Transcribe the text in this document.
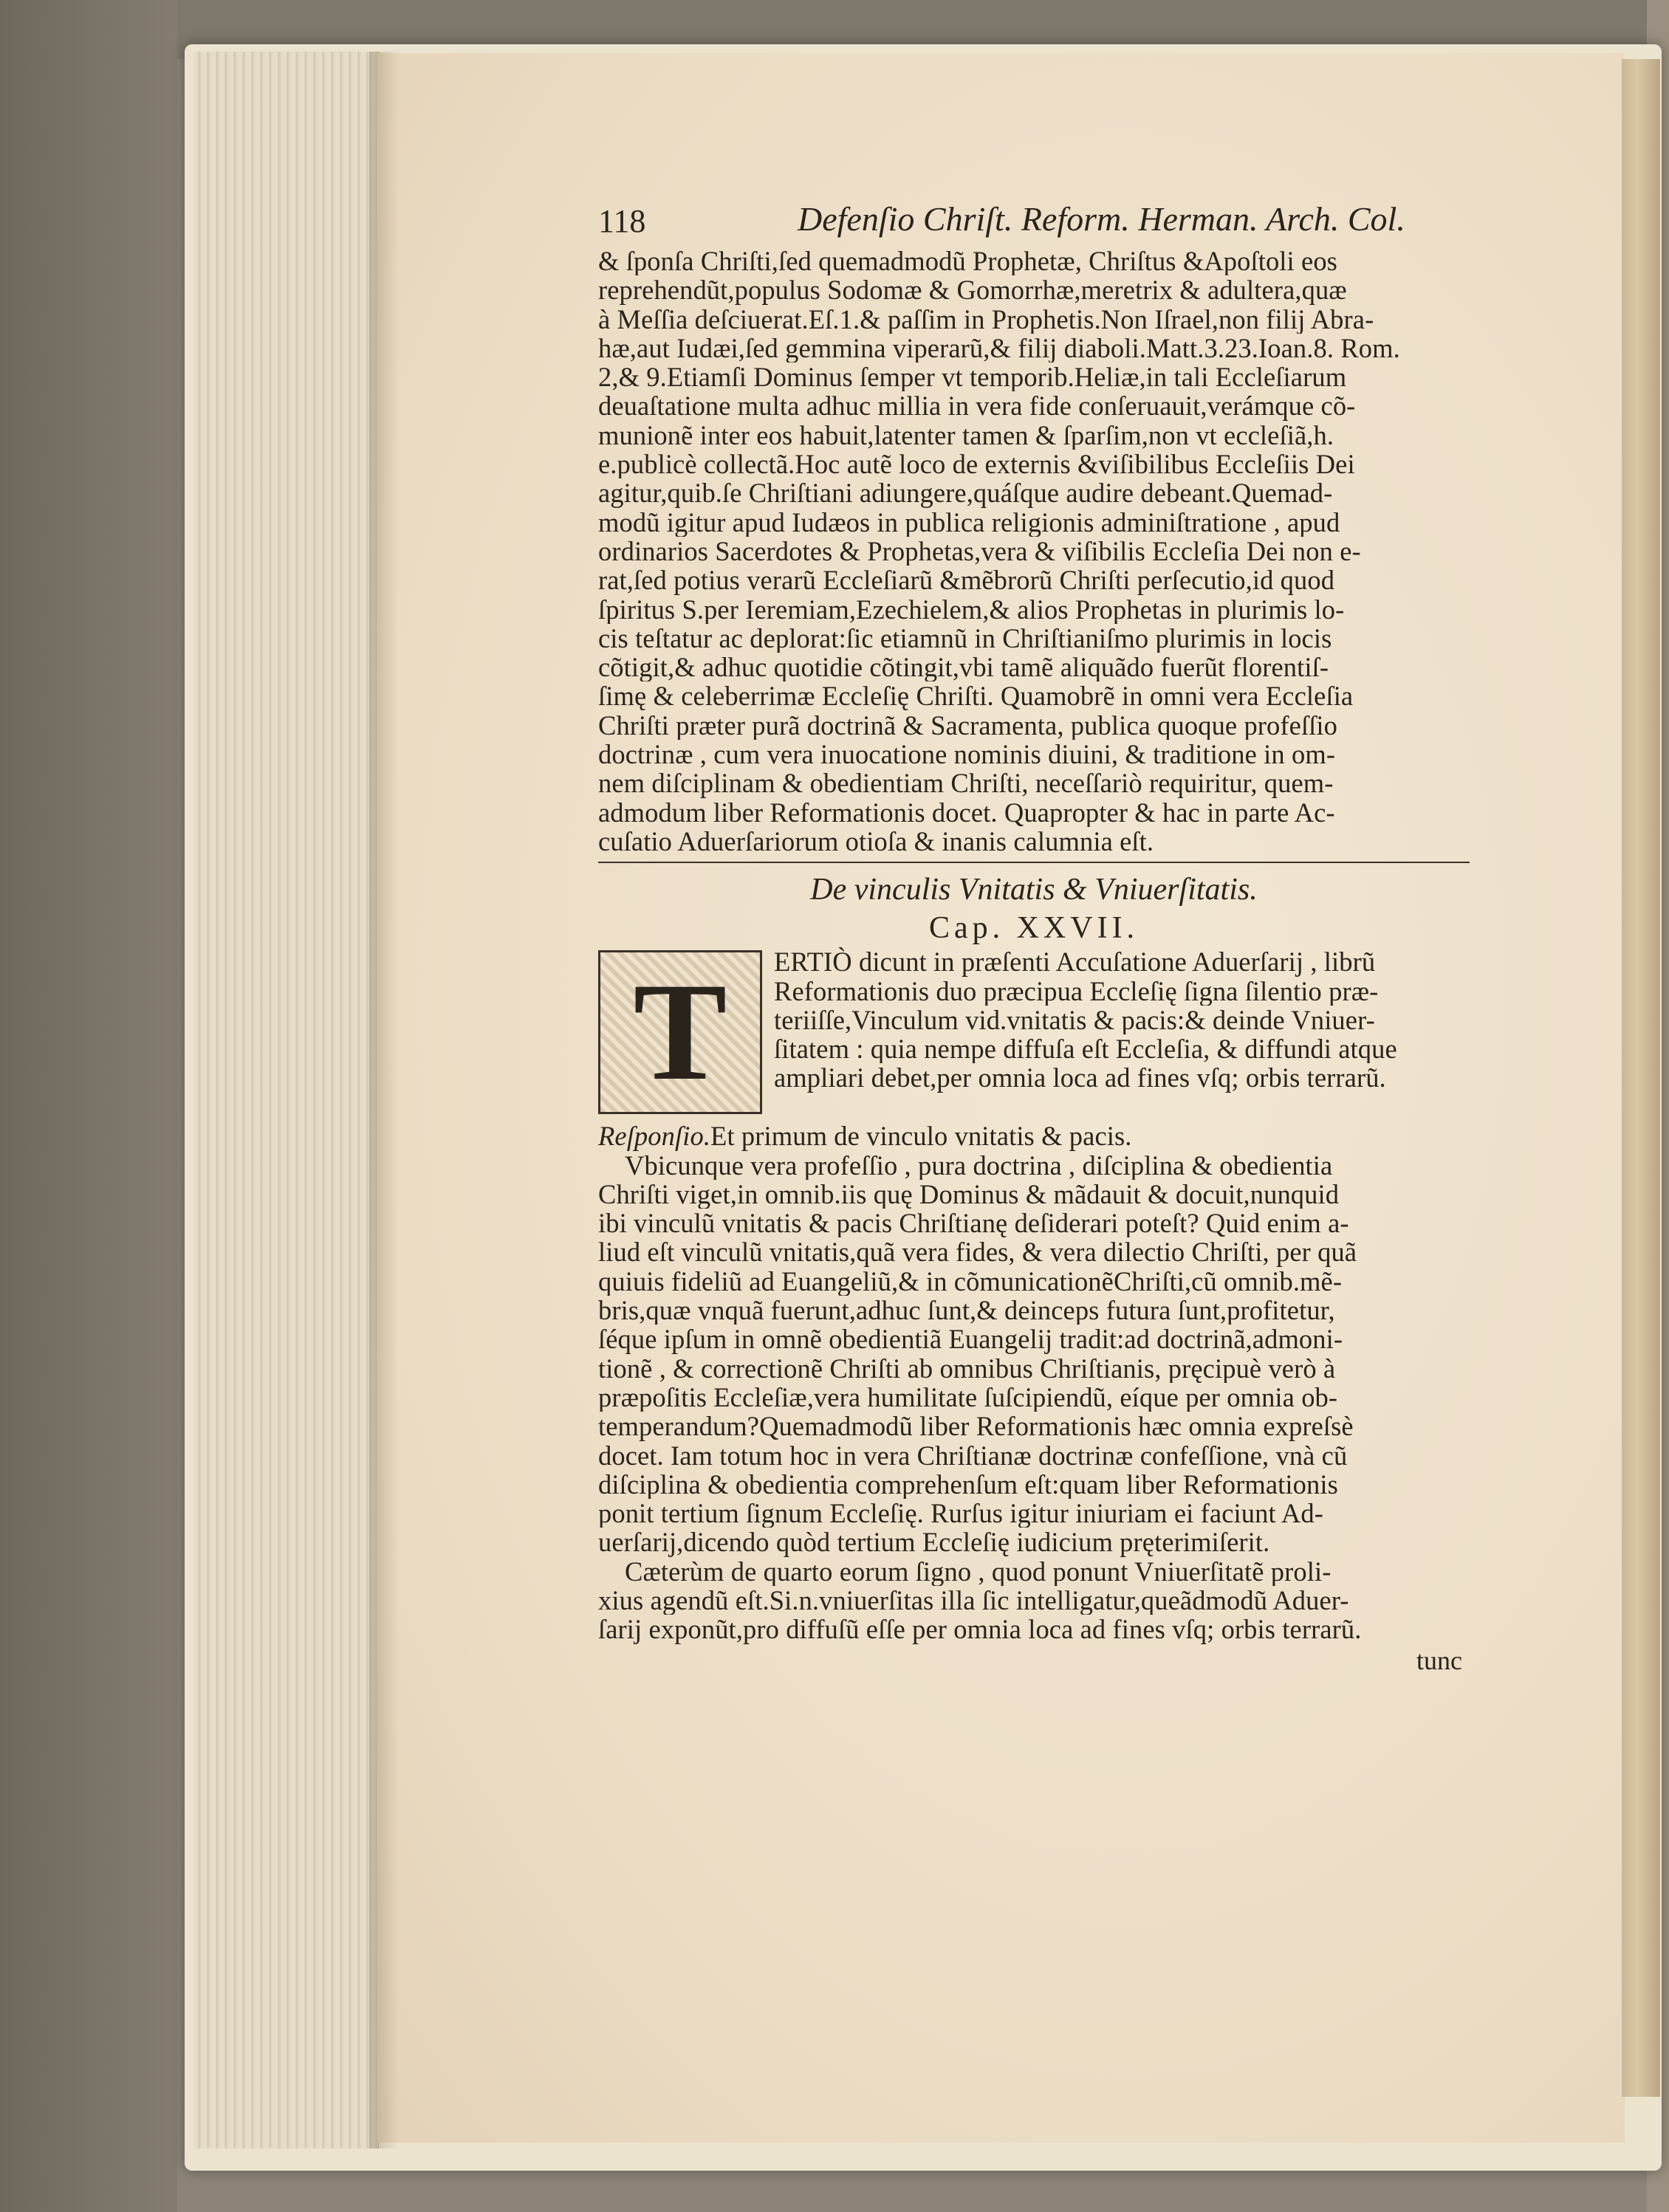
118	Defenſio Chriſt. Reform. Herman. Arch. Col.
& ſponſa Chriſti,ſed quemadmodũ Prophetæ, Chriſtus &Apoſtoli eos
reprehendũt,populus Sodomæ & Gomorrhæ,meretrix & adultera,quæ
à Meſſia deſciuerat.Eſ.1.& paſſim in Prophetis.Non Iſrael,non filij Abra-
hæ,aut Iudæi,ſed gemmina viperarũ,& filij diaboli.Matt.3.23.Ioan.8. Rom.
2,& 9.Etiamſi Dominus ſemper vt temporib.Heliæ,in tali Eccleſiarum
deuaſtatione multa adhuc millia in vera fide conſeruauit,verámque cõ-
munionẽ inter eos habuit,latenter tamen & ſparſim,non vt eccleſiã,h.
e.publicè collectã.Hoc autẽ loco de externis &viſibilibus Eccleſiis Dei
agitur,quib.ſe Chriſtiani adiungere,quáſque audire debeant.Quemad-
modũ igitur apud Iudæos in publica religionis adminiſtratione , apud
ordinarios Sacerdotes & Prophetas,vera & viſibilis Eccleſia Dei non e-
rat,ſed potius verarũ Eccleſiarũ &mẽbrorũ Chriſti perſecutio,id quod
ſpiritus S.per Ieremiam,Ezechielem,& alios Prophetas in plurimis lo-
cis teſtatur ac deplorat:ſic etiamnũ in Chriſtianiſmo plurimis in locis
cõtigit,& adhuc quotidie cõtingit,vbi tamẽ aliquãdo fuerũt florentiſ-
ſimę & celeberrimæ Eccleſię Chriſti. Quamobrẽ in omni vera Eccleſia
Chriſti præter purã doctrinã & Sacramenta, publica quoque profeſſio
doctrinæ , cum vera inuocatione nominis diuini, & traditione in om-
nem diſciplinam & obedientiam Chriſti, neceſſariò requiritur, quem-
admodum liber Reformationis docet. Quapropter & hac in parte Ac-
cuſatio Aduerſariorum otioſa & inanis calumnia eſt.
De vinculis Vnitatis & Vniuerſitatis.
Cap. XXVII.
T	ERTIÒ dicunt in præſenti Accuſatione Aduerſarij , librũ
Reformationis duo præcipua Eccleſię ſigna ſilentio præ-
teriiſſe,Vinculum vid.vnitatis & pacis:& deinde Vniuer-
ſitatem : quia nempe diffuſa eſt Eccleſia, & diffundi atque
ampliari debet,per omnia loca ad fines vſq; orbis terrarũ.
Reſponſio.Et primum de vinculo vnitatis & pacis.
Vbicunque vera profeſſio , pura doctrina , diſciplina & obedientia
Chriſti viget,in omnib.iis quę Dominus & mãdauit & docuit,nunquid
ibi vinculũ vnitatis & pacis Chriſtianę deſiderari poteſt? Quid enim a-
liud eſt vinculũ vnitatis,quã vera fides, & vera dilectio Chriſti, per quã
quiuis fideliũ ad Euangeliũ,& in cõmunicationẽChriſti,cũ omnib.mẽ-
bris,quæ vnquã fuerunt,adhuc ſunt,& deinceps futura ſunt,profitetur,
ſéque ipſum in omnẽ obedientiã Euangelij tradit:ad doctrinã,admoni-
tionẽ , & correctionẽ Chriſti ab omnibus Chriſtianis, pręcipuè verò à
præpoſitis Eccleſiæ,vera humilitate ſuſcipiendũ, eíque per omnia ob-
temperandum?Quemadmodũ liber Reformationis hæc omnia expreſsè
docet. Iam totum hoc in vera Chriſtianæ doctrinæ confeſſione, vnà cũ
diſciplina & obedientia comprehenſum eſt:quam liber Reformationis
ponit tertium ſignum Eccleſię. Rurſus igitur iniuriam ei faciunt Ad-
uerſarij,dicendo quòd tertium Eccleſię iudicium pręterimiſerit.
Cæterùm de quarto eorum ſigno , quod ponunt Vniuerſitatẽ proli-
xius agendũ eſt.Si.n.vniuerſitas illa ſic intelligatur,queãdmodũ Aduer-
ſarij exponũt,pro diffuſũ eſſe per omnia loca ad fines vſq; orbis terrarũ.
tunc
